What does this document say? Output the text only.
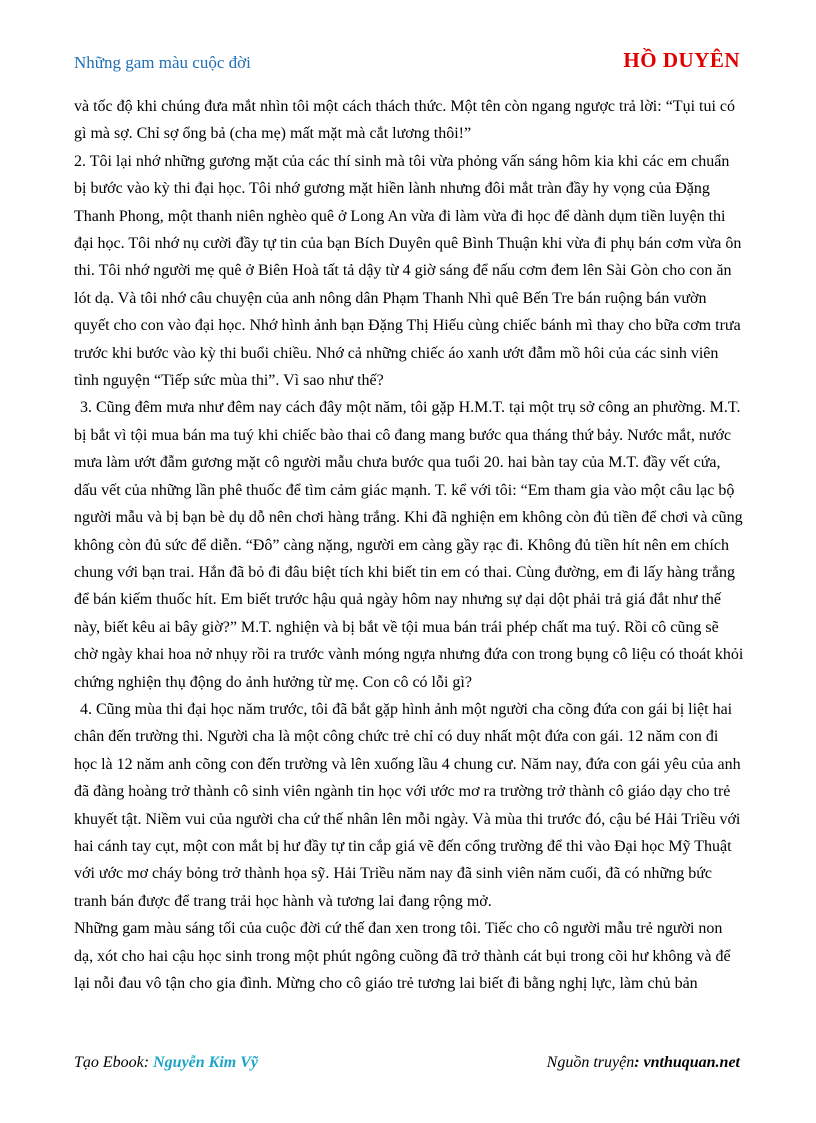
Những gam màu cuộc đời	HỒ DUYÊN

và tốc độ khi chúng đưa mắt nhìn tôi một cách thách thức. Một tên còn ngang ngược trả lời: “Tụi tui có gì mà sợ. Chỉ sợ ổng bả (cha mẹ) mất mặt mà cắt lương thôi!”

2. Tôi lại nhớ những gương mặt của các thí sinh mà tôi vừa phỏng vấn sáng hôm kia khi các em chuẩn bị bước vào kỳ thi đại học. Tôi nhớ gương mặt hiền lành nhưng đôi mắt tràn đầy hy vọng của Đặng Thanh Phong, một thanh niên nghèo quê ở Long An vừa đi làm vừa đi học để dành dụm tiền luyện thi đại học. Tôi nhớ nụ cười đầy tự tin của bạn Bích Duyên quê Bình Thuận khi vừa đi phụ bán cơm vừa ôn thi. Tôi nhớ người mẹ quê ở Biên Hoà tất tả dậy từ 4 giờ sáng để nấu cơm đem lên Sài Gòn cho con ăn lót dạ. Và tôi nhớ câu chuyện của anh nông dân Phạm Thanh Nhì quê Bến Tre bán ruộng bán vườn quyết cho con vào đại học. Nhớ hình ảnh bạn Đặng Thị Hiếu cùng chiếc bánh mì thay cho bữa cơm trưa trước khi bước vào kỳ thi buổi chiều. Nhớ cả những chiếc áo xanh ướt đẫm mồ hôi của các sinh viên tình nguyện “Tiếp sức mùa thi”. Vì sao như thế?

3. Cũng đêm mưa như đêm nay cách đây một năm, tôi gặp H.M.T. tại một trụ sở công an phường. M.T. bị bắt vì tội mua bán ma tuý khi chiếc bào thai cô đang mang bước qua tháng thứ bảy. Nước mắt, nước mưa làm ướt đẫm gương mặt cô người mẫu chưa bước qua tuổi 20. hai bàn tay của M.T. đầy vết cứa, dấu vết của những lần phê thuốc để tìm cảm giác mạnh. T. kể với tôi: “Em tham gia vào một câu lạc bộ người mẫu và bị bạn bè dụ dỗ nên chơi hàng trắng. Khi đã nghiện em không còn đủ tiền để chơi và cũng không còn đủ sức để diễn. “Đô” càng nặng, người em càng gầy rạc đi. Không đủ tiền hít nên em chích chung với bạn trai. Hắn đã bỏ đi đâu biệt tích khi biết tin em có thai. Cùng đường, em đi lấy hàng trắng để bán kiếm thuốc hít. Em biết trước hậu quả ngày hôm nay nhưng sự dại dột phải trả giá đắt như thế này, biết kêu ai bây giờ?” M.T. nghiện và bị bắt về tội mua bán trái phép chất ma tuý. Rồi cô cũng sẽ chờ ngày khai hoa nở nhụy rồi ra trước vành móng ngựa nhưng đứa con trong bụng cô liệu có thoát khỏi chứng nghiện thụ động do ảnh hưởng từ mẹ. Con cô có lỗi gì?

4. Cũng mùa thi đại học năm trước, tôi đã bắt gặp hình ảnh một người cha cõng đứa con gái bị liệt hai chân đến trường thi. Người cha là một công chức trẻ chỉ có duy nhất một đứa con gái. 12 năm con đi học là 12 năm anh cõng con đến trường và lên xuống lầu 4 chung cư. Năm nay, đứa con gái yêu của anh đã đàng hoàng trở thành cô sinh viên ngành tin học với ước mơ ra trường trở thành cô giáo dạy cho trẻ khuyết tật. Niềm vui của người cha cứ thế nhân lên mỗi ngày. Và mùa thi trước đó, cậu bé Hải Triều với hai cánh tay cụt, một con mắt bị hư đầy tự tin cắp giá vẽ đến cổng trường để thi vào Đại học Mỹ Thuật với ước mơ cháy bỏng trở thành họa sỹ. Hải Triều năm nay đã sinh viên năm cuối, đã có những bức tranh bán được để trang trải học hành và tương lai đang rộng mở.

Những gam màu sáng tối của cuộc đời cứ thế đan xen trong tôi. Tiếc cho cô người mẫu trẻ người non dạ, xót cho hai cậu học sinh trong một phút ngông cuồng đã trở thành cát bụi trong cõi hư không và để lại nỗi đau vô tận cho gia đình. Mừng cho cô giáo trẻ tương lai biết đi bằng nghị lực, làm chủ bản

Tạo Ebook: Nguyễn Kim Vỹ	Nguồn truyện: vnthuquan.net
